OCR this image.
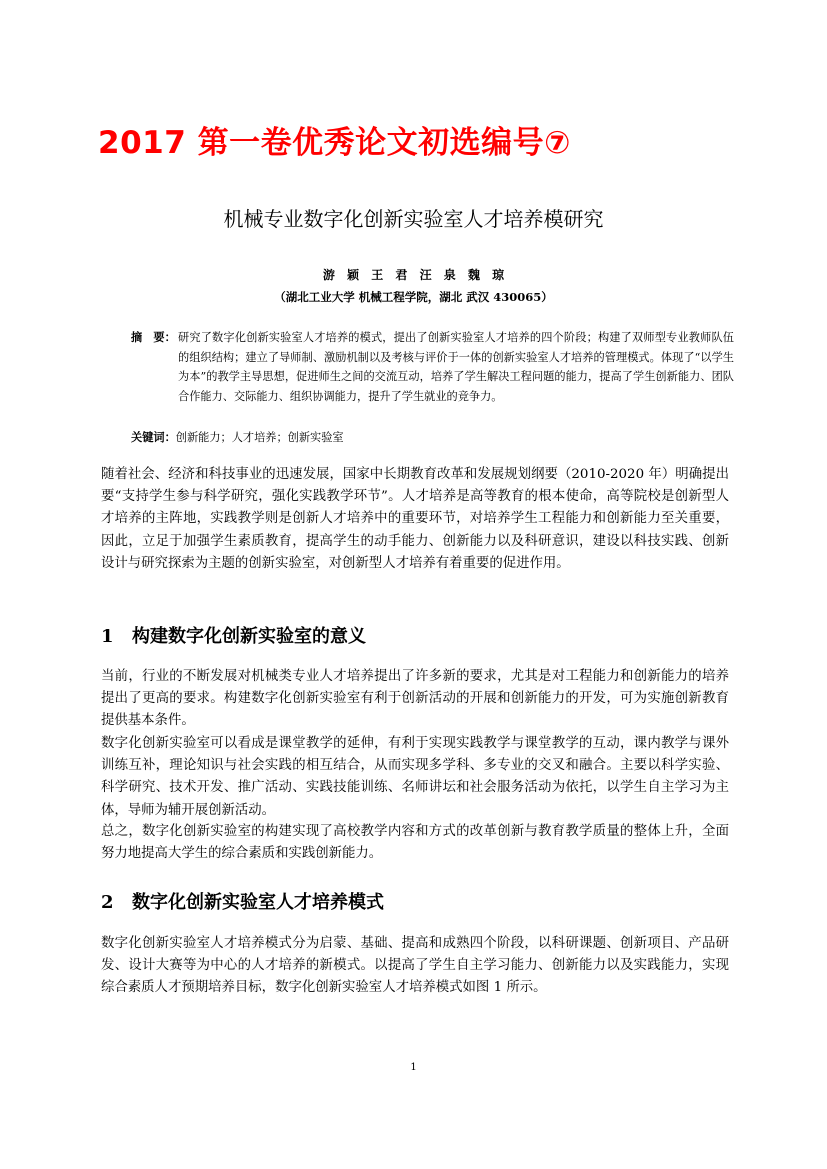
2017 第一卷优秀论文初选编号⑦
机械专业数字化创新实验室人才培养模研究
游 颖 王 君 汪 泉 魏 琼
（湖北工业大学 机械工程学院，湖北 武汉 430065）
摘　要： 研究了数字化创新实验室人才培养的模式，提出了创新实验室人才培养的四个阶段；构建了双师型专业教师队伍的组织结构；建立了导师制、激励机制以及考核与评价于一体的创新实验室人才培养的管理模式。体现了“以学生为本”的教学主导思想，促进师生之间的交流互动，培养了学生解决工程问题的能力，提高了学生创新能力、团队合作能力、交际能力、组织协调能力，提升了学生就业的竞争力。
关键词：创新能力；人才培养；创新实验室

随着社会、经济和科技事业的迅速发展，国家中长期教育改革和发展规划纲要（2010-2020 年）明确提出要“支持学生参与科学研究，强化实践教学环节”。人才培养是高等教育的根本使命，高等院校是创新型人才培养的主阵地，实践教学则是创新人才培养中的重要环节，对培养学生工程能力和创新能力至关重要，因此，立足于加强学生素质教育，提高学生的动手能力、创新能力以及科研意识，建设以科技实践、创新设计与研究探索为主题的创新实验室，对创新型人才培养有着重要的促进作用。

1 构建数字化创新实验室的意义

当前，行业的不断发展对机械类专业人才培养提出了许多新的要求，尤其是对工程能力和创新能力的培养提出了更高的要求。构建数字化创新实验室有利于创新活动的开展和创新能力的开发，可为实施创新教育提供基本条件。

数字化创新实验室可以看成是课堂教学的延伸，有利于实现实践教学与课堂教学的互动，课内教学与课外训练互补，理论知识与社会实践的相互结合，从而实现多学科、多专业的交叉和融合。主要以科学实验、科学研究、技术开发、推广活动、实践技能训练、名师讲坛和社会服务活动为依托，以学生自主学习为主体，导师为辅开展创新活动。

总之，数字化创新实验室的构建实现了高校教学内容和方式的改革创新与教育教学质量的整体上升，全面努力地提高大学生的综合素质和实践创新能力。

2 数字化创新实验室人才培养模式

数字化创新实验室人才培养模式分为启蒙、基础、提高和成熟四个阶段，以科研课题、创新项目、产品研发、设计大赛等为中心的人才培养的新模式。以提高了学生自主学习能力、创新能力以及实践能力，实现综合素质人才预期培养目标，数字化创新实验室人才培养模式如图 1 所示。

1
